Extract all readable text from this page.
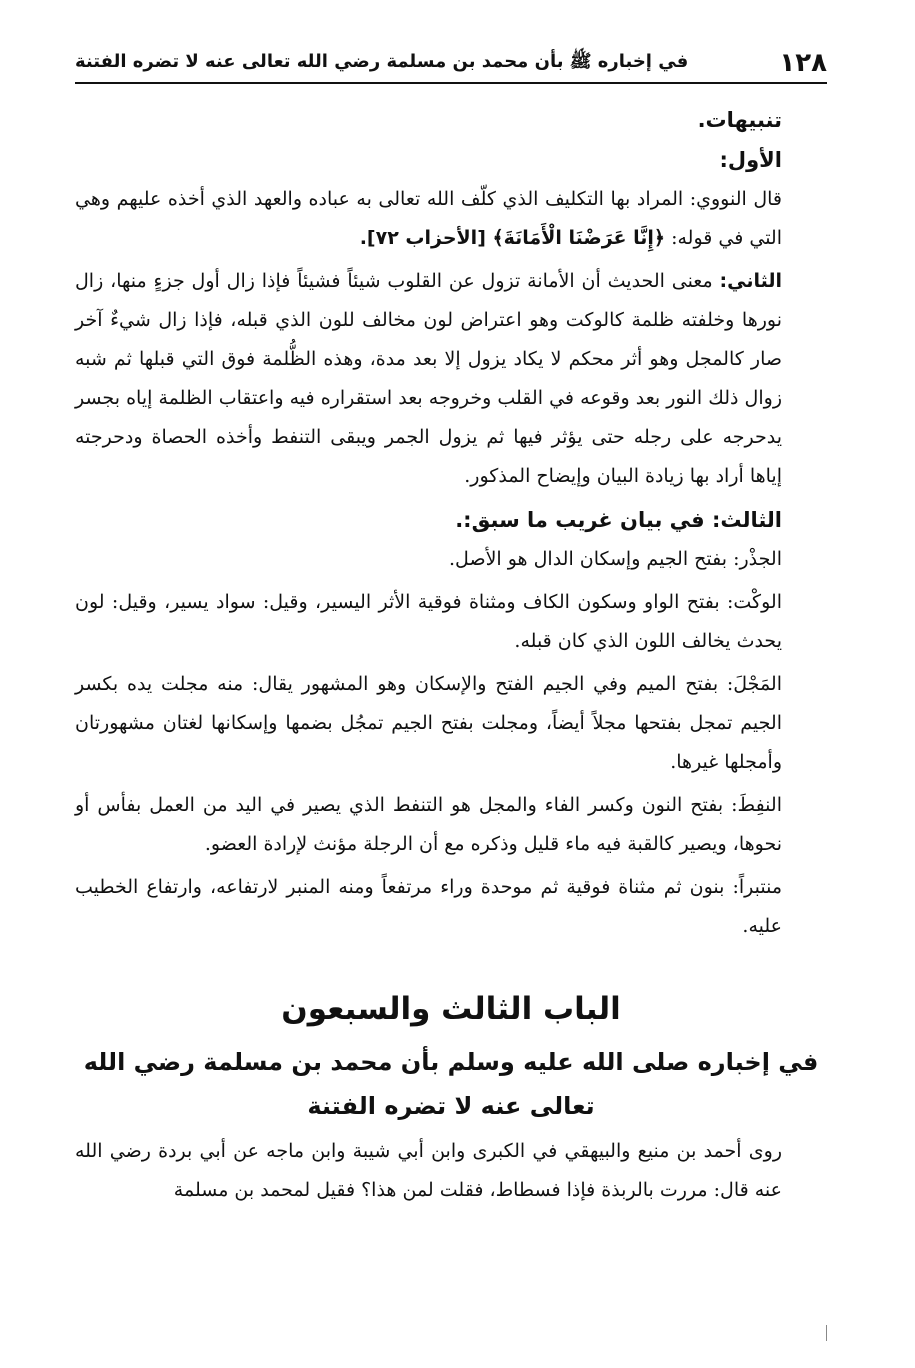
١٢٨
في إخباره ﷺ بأن محمد بن مسلمة رضي الله تعالى عنه لا تضره الفتنة

تنبيهات.

الأول:

قال النووي: المراد بها التكليف الذي كلّف الله تعالى به عباده والعهد الذي أخذه عليهم وهي التي في قوله: ﴿إِنَّا عَرَضْنَا الْأَمَانَةَ﴾ [الأحزاب ٧٢].

الثاني: معنى الحديث أن الأمانة تزول عن القلوب شيئاً فشيئاً فإذا زال أول جزءٍ منها، زال نورها وخلفته ظلمة كالوكت وهو اعتراض لون مخالف للون الذي قبله، فإذا زال شيءٌ آخر صار كالمجل وهو أثر محكم لا يكاد يزول إلا بعد مدة، وهذه الظُّلمة فوق التي قبلها ثم شبه زوال ذلك النور بعد وقوعه في القلب وخروجه بعد استقراره فيه واعتقاب الظلمة إياه بجسر يدحرجه على رجله حتى يؤثر فيها ثم يزول الجمر ويبقى التنفط وأخذه الحصاة ودحرجته إياها أراد بها زيادة البيان وإيضاح المذكور.

الثالث: في بيان غريب ما سبق:.

الجذْر: بفتح الجيم وإسكان الدال هو الأصل.

الوكْت: بفتح الواو وسكون الكاف ومثناة فوقية الأثر اليسير، وقيل: سواد يسير، وقيل: لون يحدث يخالف اللون الذي كان قبله.

المَجْلَ: بفتح الميم وفي الجيم الفتح والإسكان وهو المشهور يقال: منه مجلت يده بكسر الجيم تمجل بفتحها مجلاً أيضاً، ومجلت بفتح الجيم تمجُل بضمها وإسكانها لغتان مشهورتان وأمجلها غيرها.

النفِطَ: بفتح النون وكسر الفاء والمجل هو التنفط الذي يصير في اليد من العمل بفأس أو نحوها، ويصير كالقبة فيه ماء قليل وذكره مع أن الرجلة مؤنث لإرادة العضو.

منتبراً: بنون ثم مثناة فوقية ثم موحدة وراء مرتفعاً ومنه المنبر لارتفاعه، وارتفاع الخطيب عليه.

الباب الثالث والسبعون
في إخباره صلى الله عليه وسلم بأن محمد بن مسلمة رضي الله تعالى عنه لا تضره الفتنة

روى أحمد بن منيع والبيهقي في الكبرى وابن أبي شيبة وابن ماجه عن أبي بردة رضي الله عنه قال: مررت بالربذة فإذا فسطاط، فقلت لمن هذا؟ فقيل لمحمد بن مسلمة
